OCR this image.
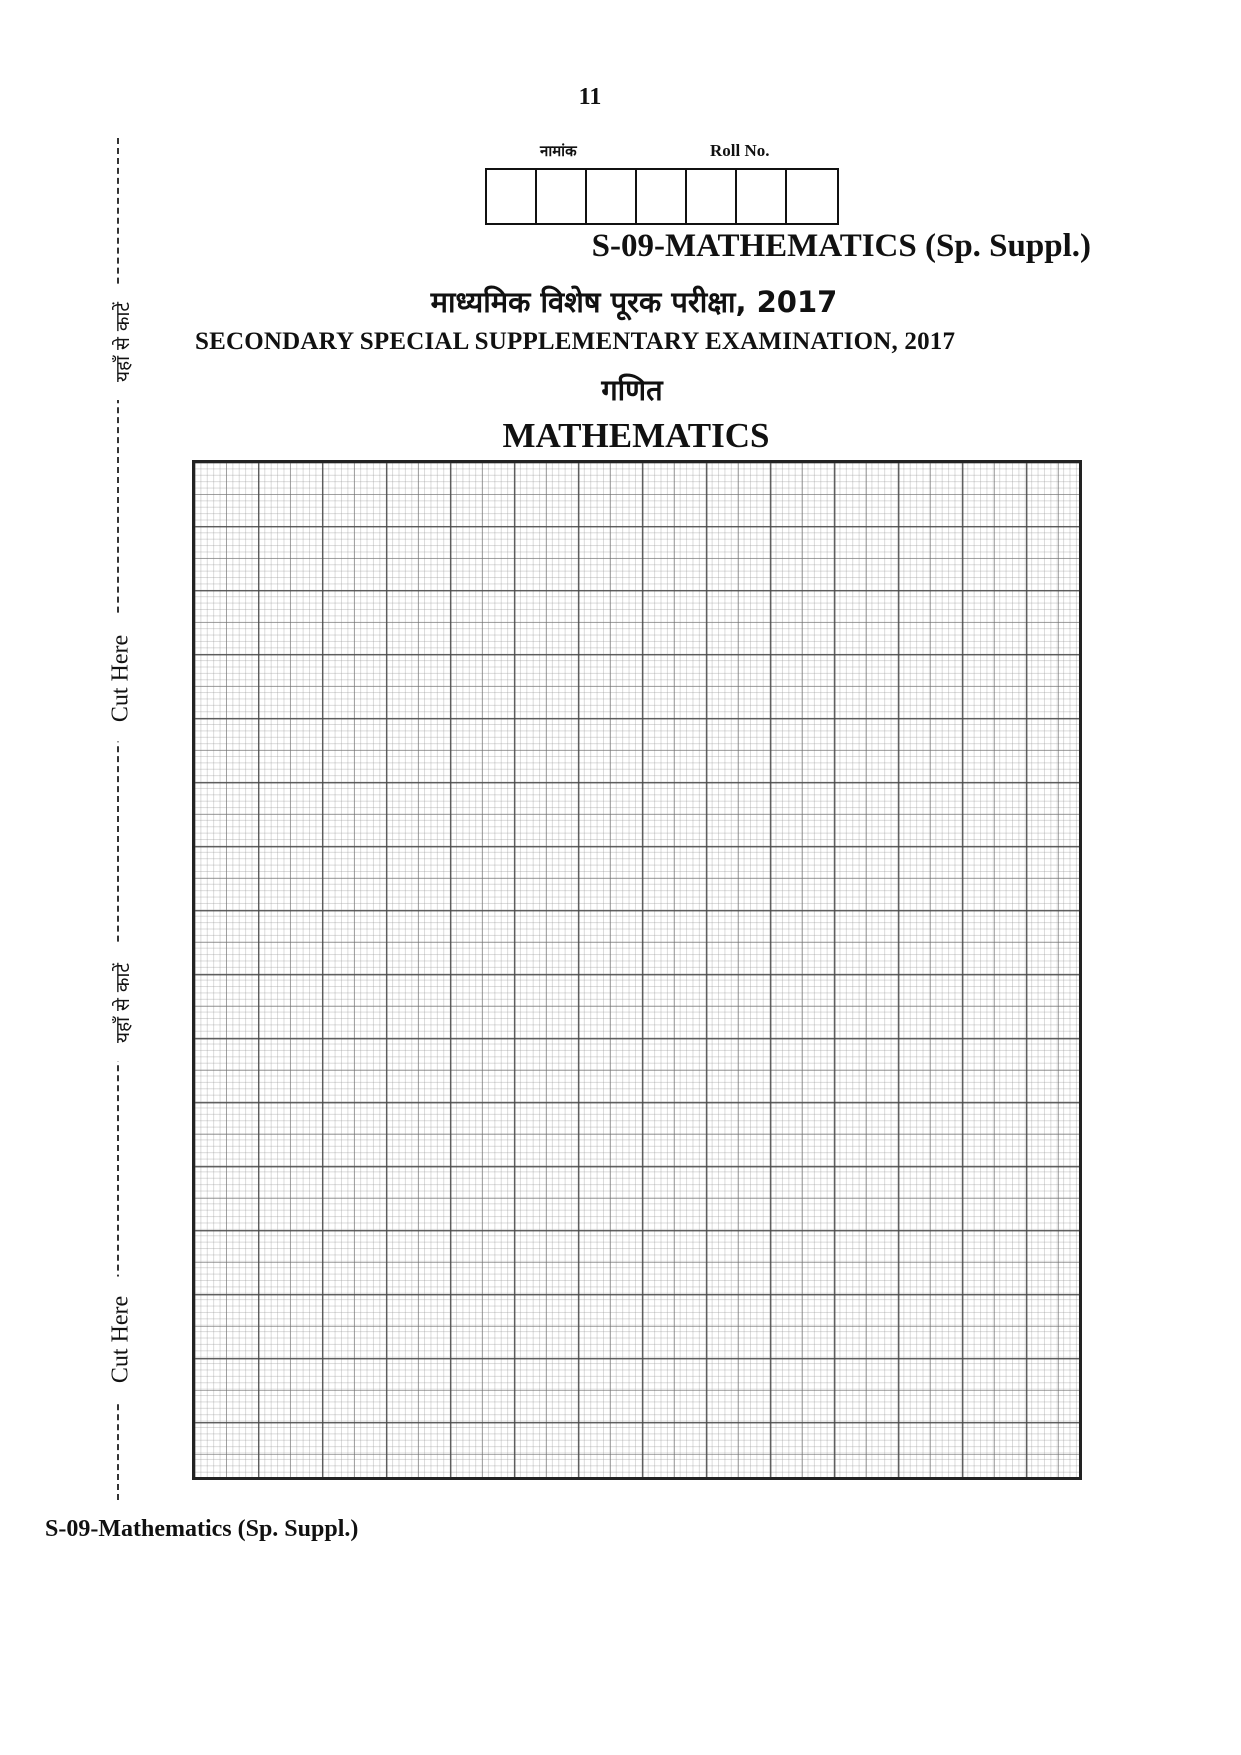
11
नामांक	Roll No.
S-09-MATHEMATICS (Sp. Suppl.)
माध्यमिक विशेष पूरक परीक्षा, 2017
SECONDARY SPECIAL SUPPLEMENTARY EXAMINATION, 2017
गणित
MATHEMATICS
यहाँ से काटें
Cut Here
यहाँ से काटें
Cut Here
S-09-Mathematics (Sp. Suppl.)
